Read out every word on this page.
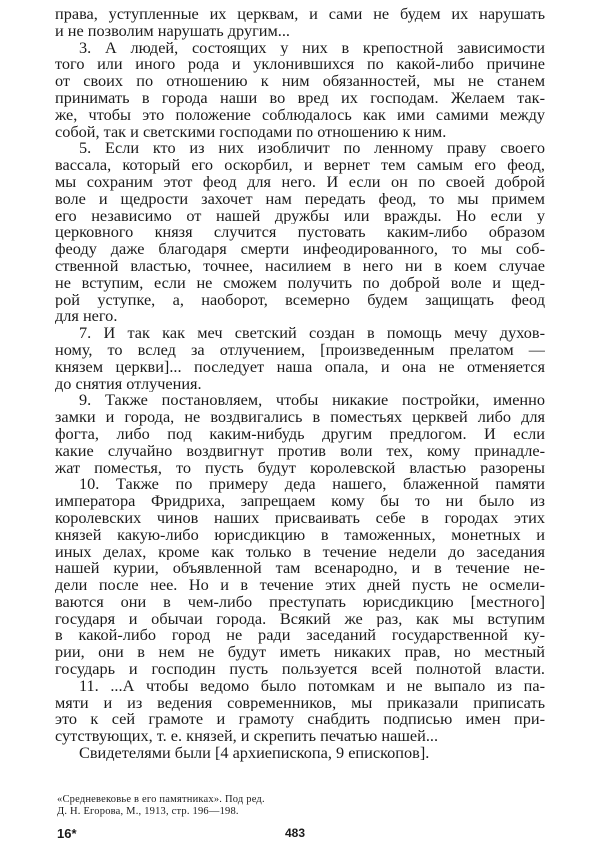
права, уступленные их церквам, и сами не будем их нарушать
и не позволим нарушать другим...
3. А людей, состоящих у них в крепостной зависимости
того или иного рода и уклонившихся по какой-либо причине
от своих по отношению к ним обязанностей, мы не станем
принимать в города наши во вред их господам. Желаем так-
же, чтобы это положение соблюдалось как ими самими между
собой, так и светскими господами по отношению к ним.
5. Если кто из них изобличит по ленному праву своего
вассала, который его оскорбил, и вернет тем самым его феод,
мы сохраним этот феод для него. И если он по своей доброй
воле и щедрости захочет нам передать феод, то мы примем
его независимо от нашей дружбы или вражды. Но если у
церковного князя случится пустовать каким-либо образом
феоду даже благодаря смерти инфеодированного, то мы соб-
ственной властью, точнее, насилием в него ни в коем случае
не вступим, если не сможем получить по доброй воле и щед-
рой уступке, а, наоборот, всемерно будем защищать феод
для него.
7. И так как меч светский создан в помощь мечу духов-
ному, то вслед за отлучением, [произведенным прелатом —
князем церкви]... последует наша опала, и она не отменяется
до снятия отлучения.
9. Также постановляем, чтобы никакие постройки, именно
замки и города, не воздвигались в поместьях церквей либо для
фогта, либо под каким-нибудь другим предлогом. И если
какие случайно воздвигнут против воли тех, кому принадле-
жат поместья, то пусть будут королевской властью разорены
10. Также по примеру деда нашего, блаженной памяти
императора Фридриха, запрещаем кому бы то ни было из
королевских чинов наших присваивать себе в городах этих
князей какую-либо юрисдикцию в таможенных, монетных и
иных делах, кроме как только в течение недели до заседания
нашей курии, объявленной там всенародно, и в течение не-
дели после нее. Но и в течение этих дней пусть не осмели-
ваются они в чем-либо преступать юрисдикцию [местного]
государя и обычаи города. Всякий же раз, как мы вступим
в какой-либо город не ради заседаний государственной ку-
рии, они в нем не будут иметь никаких прав, но местный
государь и господин пусть пользуется всей полнотой власти.
11. ...А чтобы ведомо было потомкам и не выпало из па-
мяти и из ведения современников, мы приказали приписать
это к сей грамоте и грамоту снабдить подписью имен при-
сутствующих, т. е. князей, и скрепить печатью нашей...
Свидетелями были [4 архиепископа, 9 епископов].
«Средневековье в его памятниках». Под ред.
Д. Н. Егорова, М., 1913, стр. 196—198.
16*	483
